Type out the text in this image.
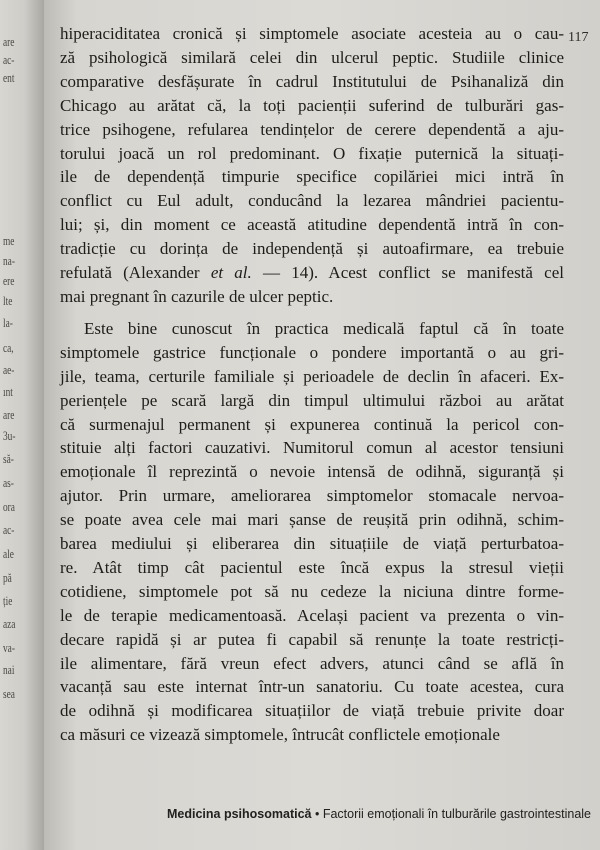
are
ac-
ent
me
na-
ere
lte
la-
ca,
ae-
ınt
are
3u-
să-
as-
ora
ac-
ale
pă
ție
aza
va-
nai
sea
117
hiperaciditatea cronică și simptomele asociate acesteia au o cau-
ză psihologică similară celei din ulcerul peptic. Studiile clinice
comparative desfășurate în cadrul Institutului de Psihanaliză din
Chicago au arătat că, la toți pacienții suferind de tulburări gas-
trice psihogene, refularea tendințelor de cerere dependentă a aju-
torului joacă un rol predominant. O fixație puternică la situați-
ile de dependență timpurie specifice copilăriei mici intră în
conflict cu Eul adult, conducând la lezarea mândriei pacientu-
lui; și, din moment ce această atitudine dependentă intră în con-
tradicție cu dorința de independență și autoafirmare, ea trebuie
refulată (Alexander et al. — 14). Acest conflict se manifestă cel
mai pregnant în cazurile de ulcer peptic.
Este bine cunoscut în practica medicală faptul că în toate
simptomele gastrice funcționale o pondere importantă o au gri-
jile, teama, certurile familiale și perioadele de declin în afaceri. Ex-
periențele pe scară largă din timpul ultimului război au arătat
că surmenajul permanent și expunerea continuă la pericol con-
stituie alți factori cauzativi. Numitorul comun al acestor tensiuni
emoționale îl reprezintă o nevoie intensă de odihnă, siguranță și
ajutor. Prin urmare, ameliorarea simptomelor stomacale nervoa-
se poate avea cele mai mari șanse de reușită prin odihnă, schim-
barea mediului și eliberarea din situațiile de viață perturbatoa-
re. Atât timp cât pacientul este încă expus la stresul vieții
cotidiene, simptomele pot să nu cedeze la niciuna dintre forme-
le de terapie medicamentoasă. Același pacient va prezenta o vin-
decare rapidă și ar putea fi capabil să renunțe la toate restricți-
ile alimentare, fără vreun efect advers, atunci când se află în
vacanță sau este internat într-un sanatoriu. Cu toate acestea, cura
de odihnă și modificarea situațiilor de viață trebuie privite doar
ca măsuri ce vizează simptomele, întrucât conflictele emoționale
Medicina psihosomatică • Factorii emoționali în tulburările gastrointestinale
